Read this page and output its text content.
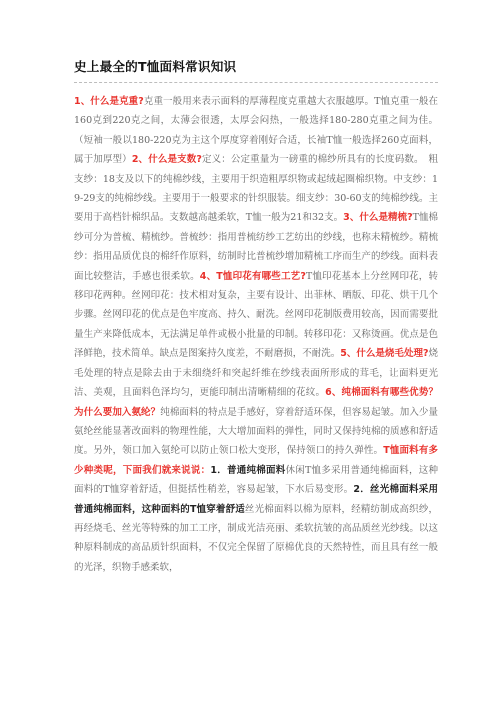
史上最全的T恤面料常识知识
1、什么是克重?克重一般用来表示面料的厚薄程度克重越大衣服越厚。T恤克重一般在160克到220克之间，太薄会很透，太厚会闷热，一般选择180-280克重之间为佳。（短袖一般以180-220克为主这个厚度穿着刚好合适，长袖T恤一般选择260克面料，属于加厚型）2、什么是支数?定义：公定重量为一磅重的棉纱所具有的长度码数。　粗支纱：18支及以下的纯棉纱线，主要用于织造粗厚织物或起绒起圈棉织物。中支纱：19-29支的纯棉纱线。主要用于一般要求的针织服装。细支纱：30-60支的纯棉纱线。主要用于高档针棉织品。支数越高越柔软，T恤一般为21和32支。3、什么是精梳?T恤棉纱可分为普梳、精梳纱。普梳纱：指用普梳纺纱工艺纺出的纱线，也称未精梳纱。精梳纱：指用品质优良的棉纤作原料，纺制时比普梳纱增加精梳工序而生产的纱线。面料表面比较整洁，手感也很柔软。4、T恤印花有哪些工艺?T恤印花基本上分丝网印花，转移印花两种。丝网印花：技术相对复杂，主要有设计、出菲林、晒版、印花、烘干几个步骤。丝网印花的优点是色牢度高、持久、耐洗。丝网印花制版费用较高，因而需要批量生产来降低成本，无法满足单件或极小批量的印制。转移印花：又称烫画。优点是色泽鲜艳，技术简单。缺点是图案持久度差，不耐磨损，不耐洗。5、什么是烧毛处理?烧毛处理的特点是除去由于未细绕纤和突起纤维在纱线表面所形成的茸毛，让面料更光洁、美观，且面料色泽均匀，更能印制出清晰精细的花纹。6、纯棉面料有哪些优势？为什么要加入氨纶？纯棉面料的特点是手感好，穿着舒适环保，但容易起皱。加入少量氨纶丝能显著改面料的物理性能，大大增加面料的弹性，同时又保持纯棉的质感和舒适度。另外，领口加入氨纶可以防止领口松大变形，保持领口的持久弹性。T恤面料有多少种类呢，下面我们就来说说：1．普通纯棉面料休闲T恤多采用普通纯棉面料，这种面料的T恤穿着舒适，但挺括性稍差，容易起皱，下水后易变形。2．丝光棉面料采用普通纯棉面料，这种面料的T恤穿着舒适丝光棉面料以棉为原料，经精纺制成高织纱，再经烧毛、丝光等特殊的加工工序，制成光洁亮丽、柔软抗皱的高品质丝光纱线。以这种原料制成的高品质针织面料，不仅完全保留了原棉优良的天然特性，而且具有丝一般的光泽，织物手感柔软，
